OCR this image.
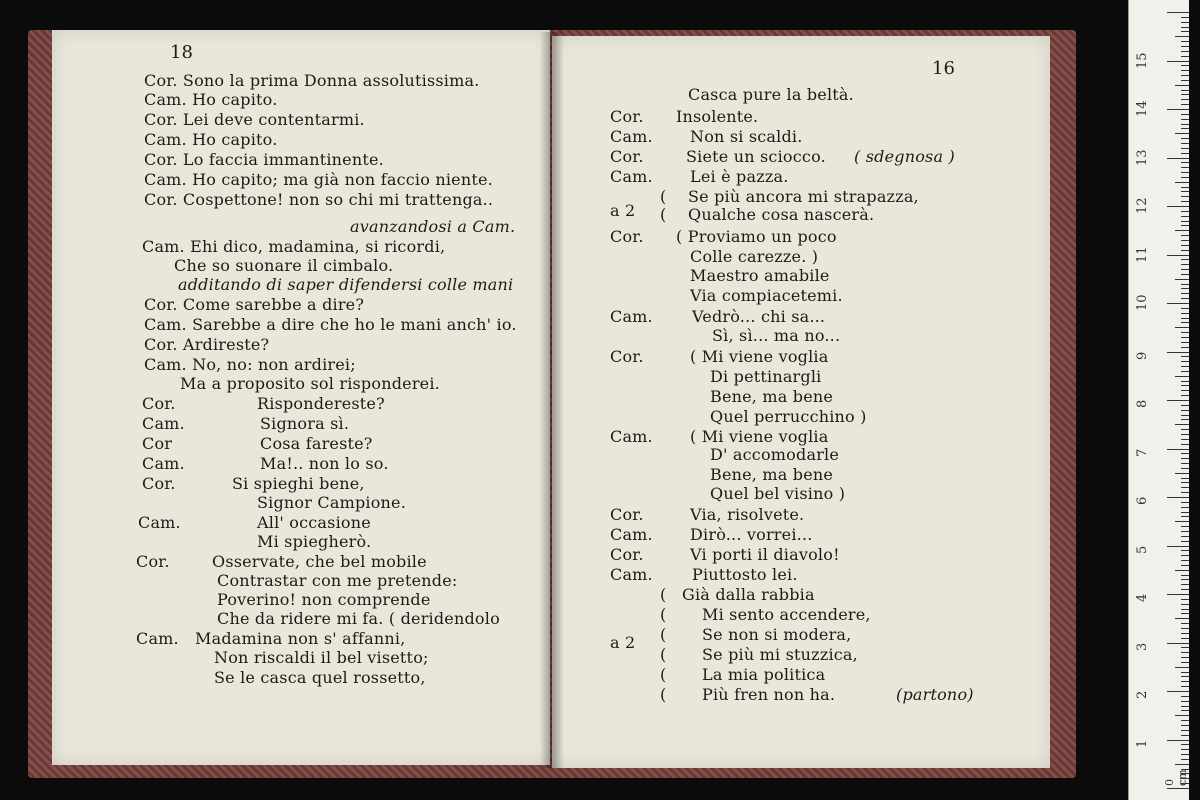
18
Cor. Sono la prima Donna assolutissima.
Cam. Ho capito.
Cor. Lei deve contentarmi.
Cam. Ho capito.
Cor. Lo faccia immantinente.
Cam. Ho capito; ma già non faccio niente.
Cor. Cospettone! non so chi mi trattenga..
avanzandosi a Cam.
Cam. Ehi dico, madamina, si ricordi,
Che so suonare il cimbalo.
additando di saper difendersi colle mani
Cor. Come sarebbe a dire?
Cam. Sarebbe a dire che ho le mani anch' io.
Cor. Ardireste?
Cam. No, no: non ardirei;
Ma a proposito sol risponderei.
Cor.	Rispondereste?
Cam.	Signora sì.
Cor	Cosa fareste?
Cam.	Ma!.. non lo so.
Cor.	Si spieghi bene,
Signor Campione.
Cam.	All' occasione
Mi spiegherò.
Cor.	Osservate, che bel mobile
Contrastar con me pretende:
Poverino! non comprende
Che da ridere mi fa. ( deridendolo
Cam. Madamina non s' affanni,
Non riscaldi il bel visetto;
Se le casca quel rossetto,
16
Casca pure la beltà.
Cor. Insolente.
Cam. Non si scaldi.
Cor.	Siete un sciocco. ( sdegnosa )
Cam. Lei è pazza.
( Se più ancora mi strapazza,
a 2 ( Qualche cosa nascerà.
Cor. ( Proviamo un poco
Colle carezze. )
Maestro amabile
Via compiacetemi.
Cam. Vedrò... chi sa...
Sì, sì... ma no...
Cor.	( Mi viene voglia
Di pettinargli
Bene, ma bene
Quel perrucchino )
Cam. ( Mi viene voglia
D' accomodarle
Bene, ma bene
Quel bel visino )
Cor.	Via, risolvete.
Cam. Dirò... vorrei...
Cor.	Vi porti il diavolo!
Cam. Piuttosto lei.
( Già dalla rabbia
( Mi sento accendere,
( Se non si modera,
a 2
( Se più mi stuzzica,
( La mia politica
( Più fren non ha.	(partono)
15
14
13
12
11
10
9
8
7
6
5
4
3
2
1
0 cm
